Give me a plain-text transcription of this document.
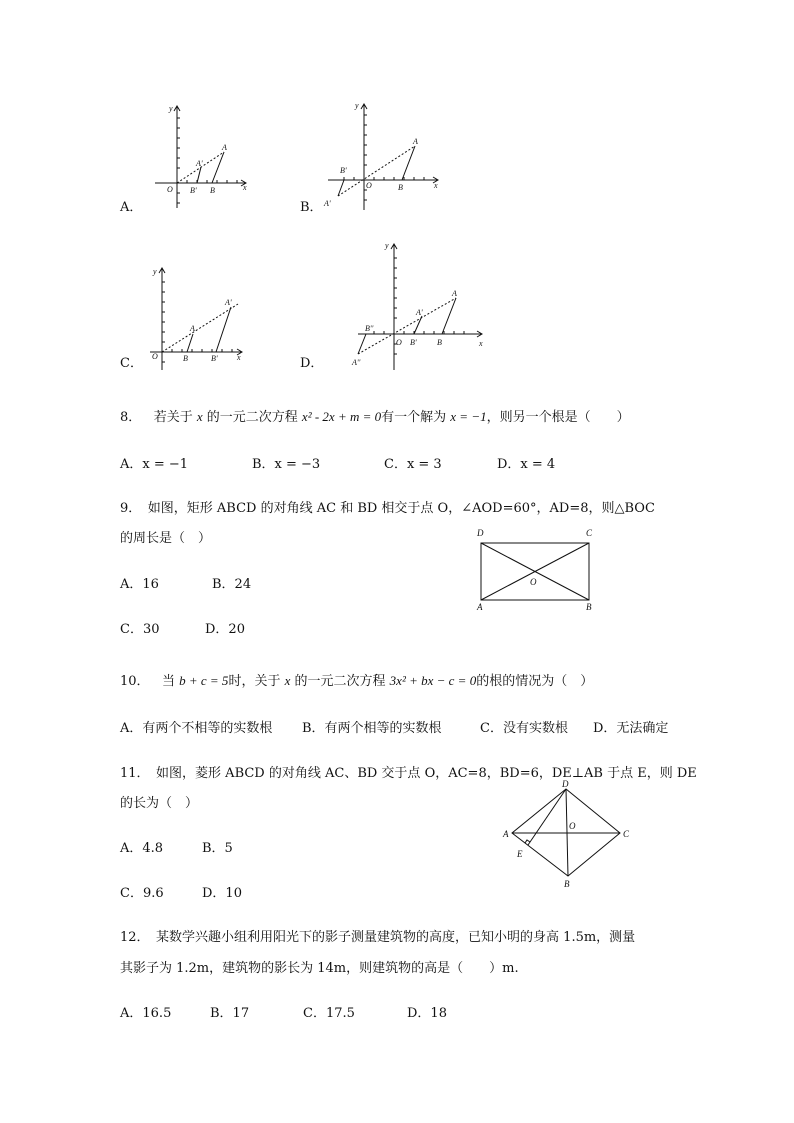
A．
y
x
O
A'
A
B' B
B．
y
x
O
A
B'
A'
B
C．
y
x
O
A'
A
B	B'	D．
y
x
O
A
A'
B''
A''
B'	B
8． 若关于 x 的一元二次方程 x² - 2x + m = 0有一个解为 x = −1，则另一个根是（　　）
A．x = −1	B．x = −3	C．x = 3	D．x = 4
9．　如图，矩形 ABCD 的对角线 AC 和 BD 相交于点 O，∠AOD=60°，AD=8，则△BOC
的周长是（　）	D	C
O
A	B
A．16	B．24
C．30	D．20
10． 当 b + c = 5时，关于 x 的一元二次方程 3x² + bx − c = 0的根的情况为（　）
A．有两个不相等的实数根 B．有两个相等的实数根	C．没有实数根 D．无法确定
11．　如图，菱形 ABCD 的对角线 AC、BD 交于点 O，AC=8，BD=6，DE⊥AB 于点 E，则 DE
的长为（　）
D
A
O
C
E
B
A．4.8	B．5
C．9.6	D．10
12．　某数学兴趣小组利用阳光下的影子测量建筑物的高度，已知小明的身高 1.5m，测量
其影子为 1.2m，建筑物的影长为 14m，则建筑物的高是（　　）m.
A．16.5	B．17	C．17.5	D．18
